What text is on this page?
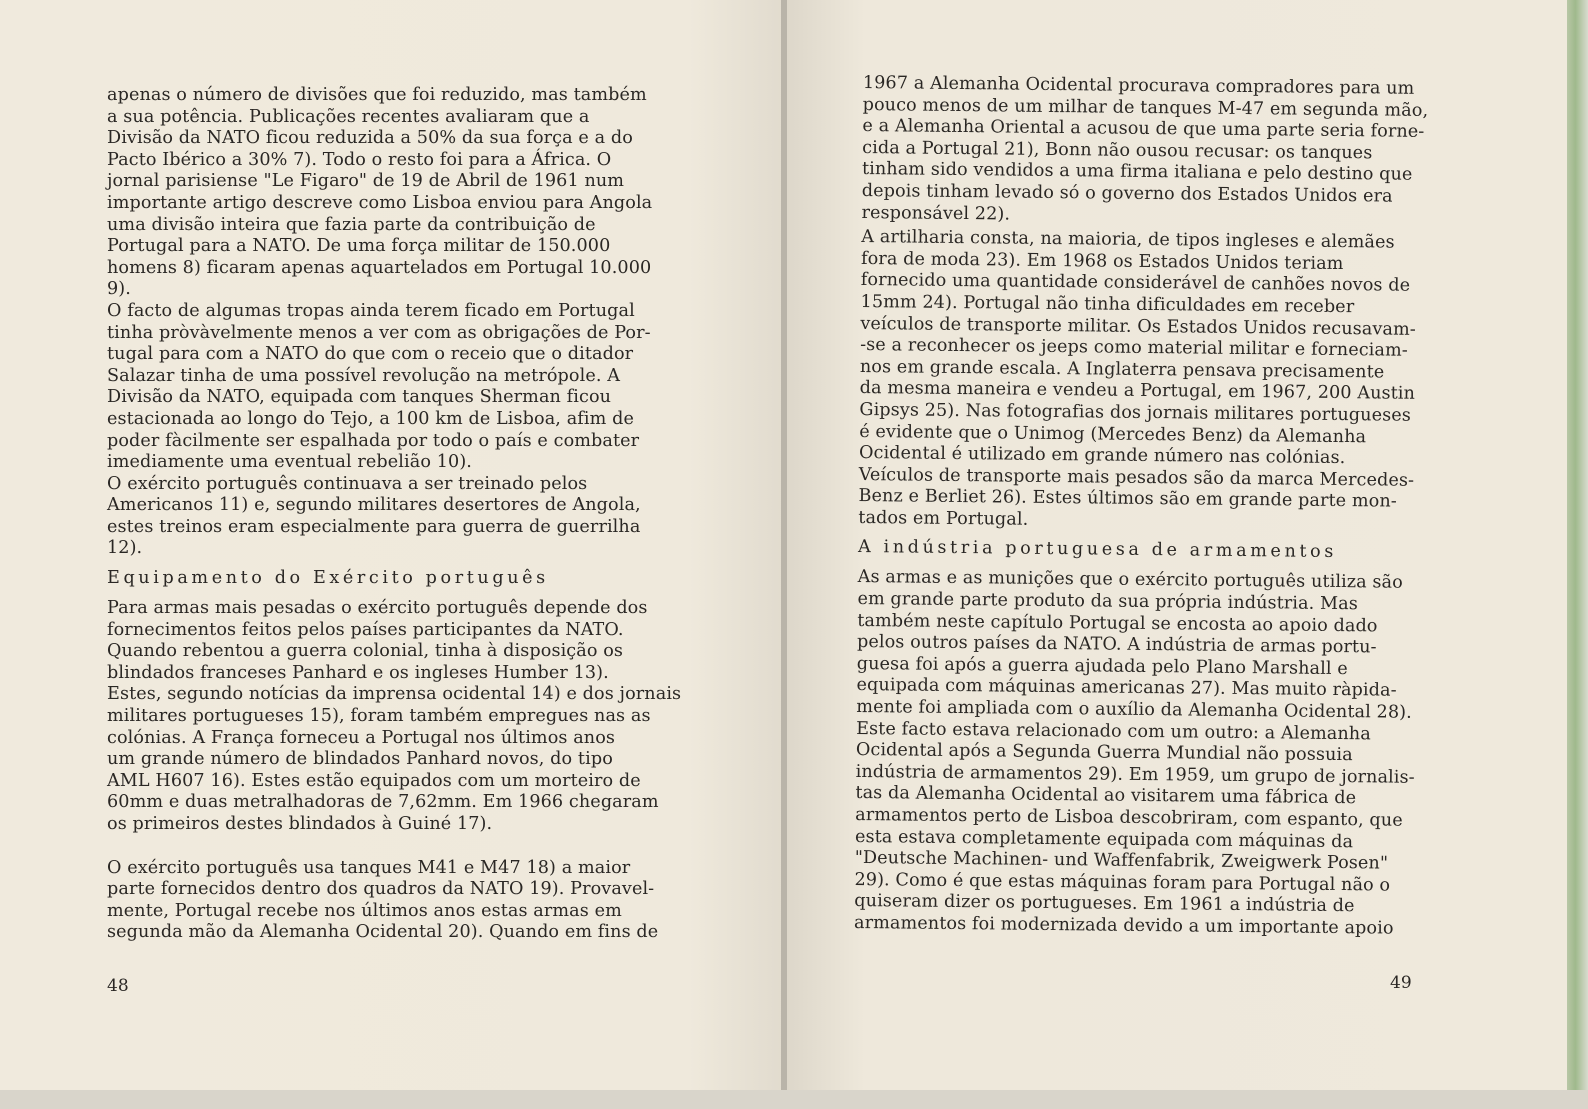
apenas o número de divisões que foi reduzido, mas também
a sua potência. Publicações recentes avaliaram que a
Divisão da NATO ficou reduzida a 50% da sua força e a do
Pacto Ibérico a 30% 7). Todo o resto foi para a África. O
jornal parisiense "Le Figaro" de 19 de Abril de 1961 num
importante artigo descreve como Lisboa enviou para Angola
uma divisão inteira que fazia parte da contribuição de
Portugal para a NATO. De uma força militar de 150.000
homens 8) ficaram apenas aquartelados em Portugal 10.000
9).
O facto de algumas tropas ainda terem ficado em Portugal
tinha pròvàvelmente menos a ver com as obrigações de Por-
tugal para com a NATO do que com o receio que o ditador
Salazar tinha de uma possível revolução na metrópole. A
Divisão da NATO, equipada com tanques Sherman ficou
estacionada ao longo do Tejo, a 100 km de Lisboa, afim de
poder fàcilmente ser espalhada por todo o país e combater
imediamente uma eventual rebelião 10).
O exército português continuava a ser treinado pelos
Americanos 11) e, segundo militares desertores de Angola,
estes treinos eram especialmente para guerra de guerrilha
12).
Equipamento do Exército português
Para armas mais pesadas o exército português depende dos
fornecimentos feitos pelos países participantes da NATO.
Quando rebentou a guerra colonial, tinha à disposição os
blindados franceses Panhard e os ingleses Humber 13).
Estes, segundo notícias da imprensa ocidental 14) e dos jornais
militares portugueses 15), foram também empregues nas as
colónias. A França forneceu a Portugal nos últimos anos
um grande número de blindados Panhard novos, do tipo
AML H607 16). Estes estão equipados com um morteiro de
60mm e duas metralhadoras de 7,62mm. Em 1966 chegaram
os primeiros destes blindados à Guiné 17).
O exército português usa tanques M41 e M47 18) a maior
parte fornecidos dentro dos quadros da NATO 19). Provavel-
mente, Portugal recebe nos últimos anos estas armas em
segunda mão da Alemanha Ocidental 20). Quando em fins de
48	49
1967 a Alemanha Ocidental procurava compradores para um
pouco menos de um milhar de tanques M-47 em segunda mão,
e a Alemanha Oriental a acusou de que uma parte seria forne-
cida a Portugal 21), Bonn não ousou recusar: os tanques
tinham sido vendidos a uma firma italiana e pelo destino que
depois tinham levado só o governo dos Estados Unidos era
responsável 22).
A artilharia consta, na maioria, de tipos ingleses e alemães
fora de moda 23). Em 1968 os Estados Unidos teriam
fornecido uma quantidade considerável de canhões novos de
15mm 24). Portugal não tinha dificuldades em receber
veículos de transporte militar. Os Estados Unidos recusavam-
-se a reconhecer os jeeps como material militar e forneciam-
nos em grande escala. A Inglaterra pensava precisamente
da mesma maneira e vendeu a Portugal, em 1967, 200 Austin
Gipsys 25). Nas fotografias dos jornais militares portugueses
é evidente que o Unimog (Mercedes Benz) da Alemanha
Ocidental é utilizado em grande número nas colónias.
Veículos de transporte mais pesados são da marca Mercedes-
Benz e Berliet 26). Estes últimos são em grande parte mon-
tados em Portugal.
A indústria portuguesa de armamentos
As armas e as munições que o exército português utiliza são
em grande parte produto da sua própria indústria. Mas
também neste capítulo Portugal se encosta ao apoio dado
pelos outros países da NATO. A indústria de armas portu-
guesa foi após a guerra ajudada pelo Plano Marshall e
equipada com máquinas americanas 27). Mas muito ràpida-
mente foi ampliada com o auxílio da Alemanha Ocidental 28).
Este facto estava relacionado com um outro: a Alemanha
Ocidental após a Segunda Guerra Mundial não possuia
indústria de armamentos 29). Em 1959, um grupo de jornalis-
tas da Alemanha Ocidental ao visitarem uma fábrica de
armamentos perto de Lisboa descobriram, com espanto, que
esta estava completamente equipada com máquinas da
"Deutsche Machinen- und Waffenfabrik, Zweigwerk Posen"
29). Como é que estas máquinas foram para Portugal não o
quiseram dizer os portugueses. Em 1961 a indústria de
armamentos foi modernizada devido a um importante apoio
